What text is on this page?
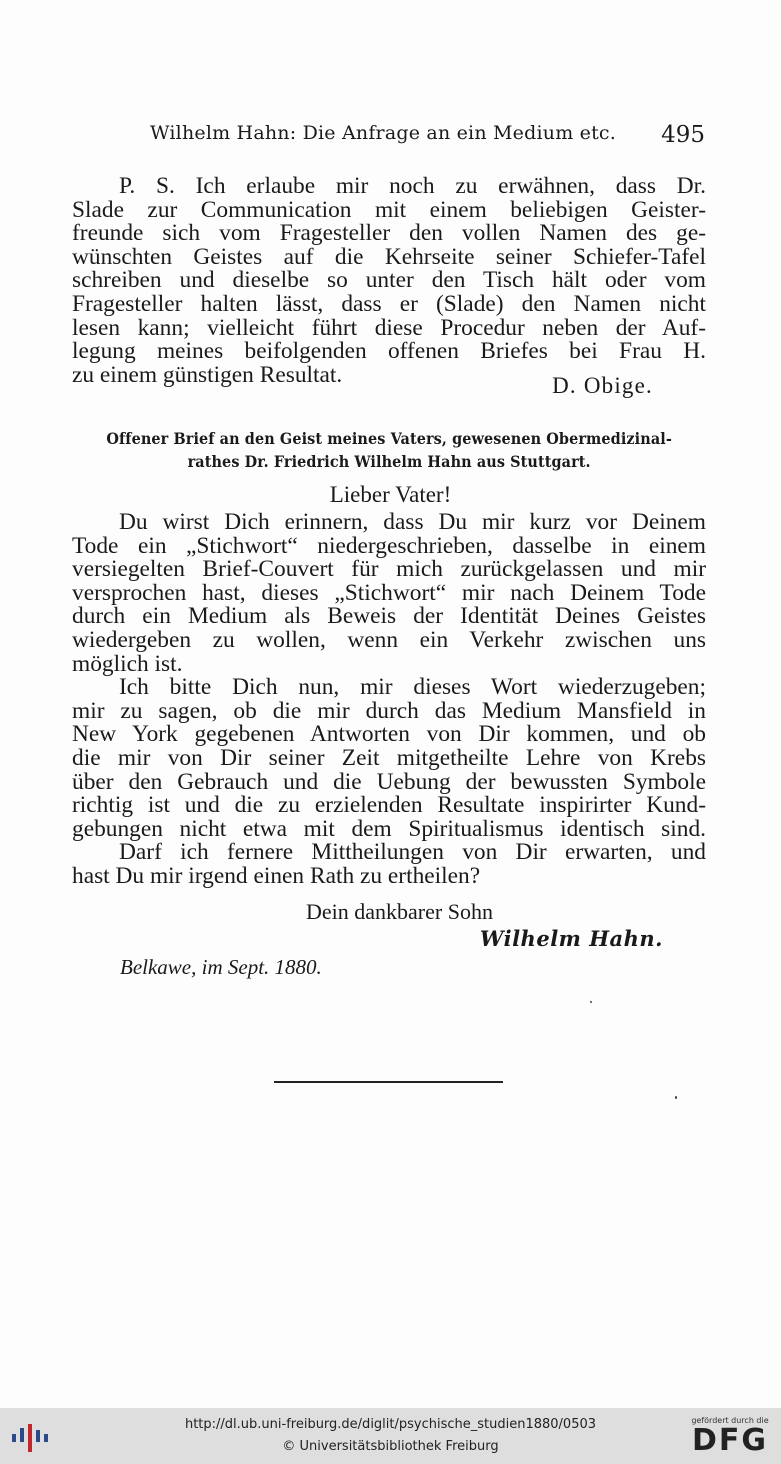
Wilhelm Hahn: Die Anfrage an ein Medium etc. 495
P. S. Ich erlaube mir noch zu erwähnen, dass Dr.
Slade zur Communication mit einem beliebigen Geister-
freunde sich vom Fragesteller den vollen Namen des ge-
wünschten Geistes auf die Kehrseite seiner Schiefer-Tafel
schreiben und dieselbe so unter den Tisch hält oder vom
Fragesteller halten lässt, dass er (Slade) den Namen nicht
lesen kann; vielleicht führt diese Procedur neben der Auf-
legung meines beifolgenden offenen Briefes bei Frau H.
zu einem günstigen Resultat.	D. Obige.
Offener Brief an den Geist meines Vaters, gewesenen Obermedizinal-
rathes Dr. Friedrich Wilhelm Hahn aus Stuttgart.
Lieber Vater!
Du wirst Dich erinnern, dass Du mir kurz vor Deinem
Tode ein „Stichwort“ niedergeschrieben, dasselbe in einem
versiegelten Brief-Couvert für mich zurückgelassen und mir
versprochen hast, dieses „Stichwort“ mir nach Deinem Tode
durch ein Medium als Beweis der Identität Deines Geistes
wiedergeben zu wollen, wenn ein Verkehr zwischen uns
möglich ist.
Ich bitte Dich nun, mir dieses Wort wiederzugeben;
mir zu sagen, ob die mir durch das Medium Mansfield in
New York gegebenen Antworten von Dir kommen, und ob
die mir von Dir seiner Zeit mitgetheilte Lehre von Krebs
über den Gebrauch und die Uebung der bewussten Symbole
richtig ist und die zu erzielenden Resultate inspirirter Kund-
gebungen nicht etwa mit dem Spiritualismus identisch sind.
Darf ich fernere Mittheilungen von Dir erwarten, und
hast Du mir irgend einen Rath zu ertheilen?
Dein dankbarer Sohn
Wilhelm Hahn.
Belkawe, im Sept. 1880.
http://dl.ub.uni-freiburg.de/diglit/psychische_studien1880/0503
© Universitätsbibliothek Freiburg
gefördert durch die
DFG
